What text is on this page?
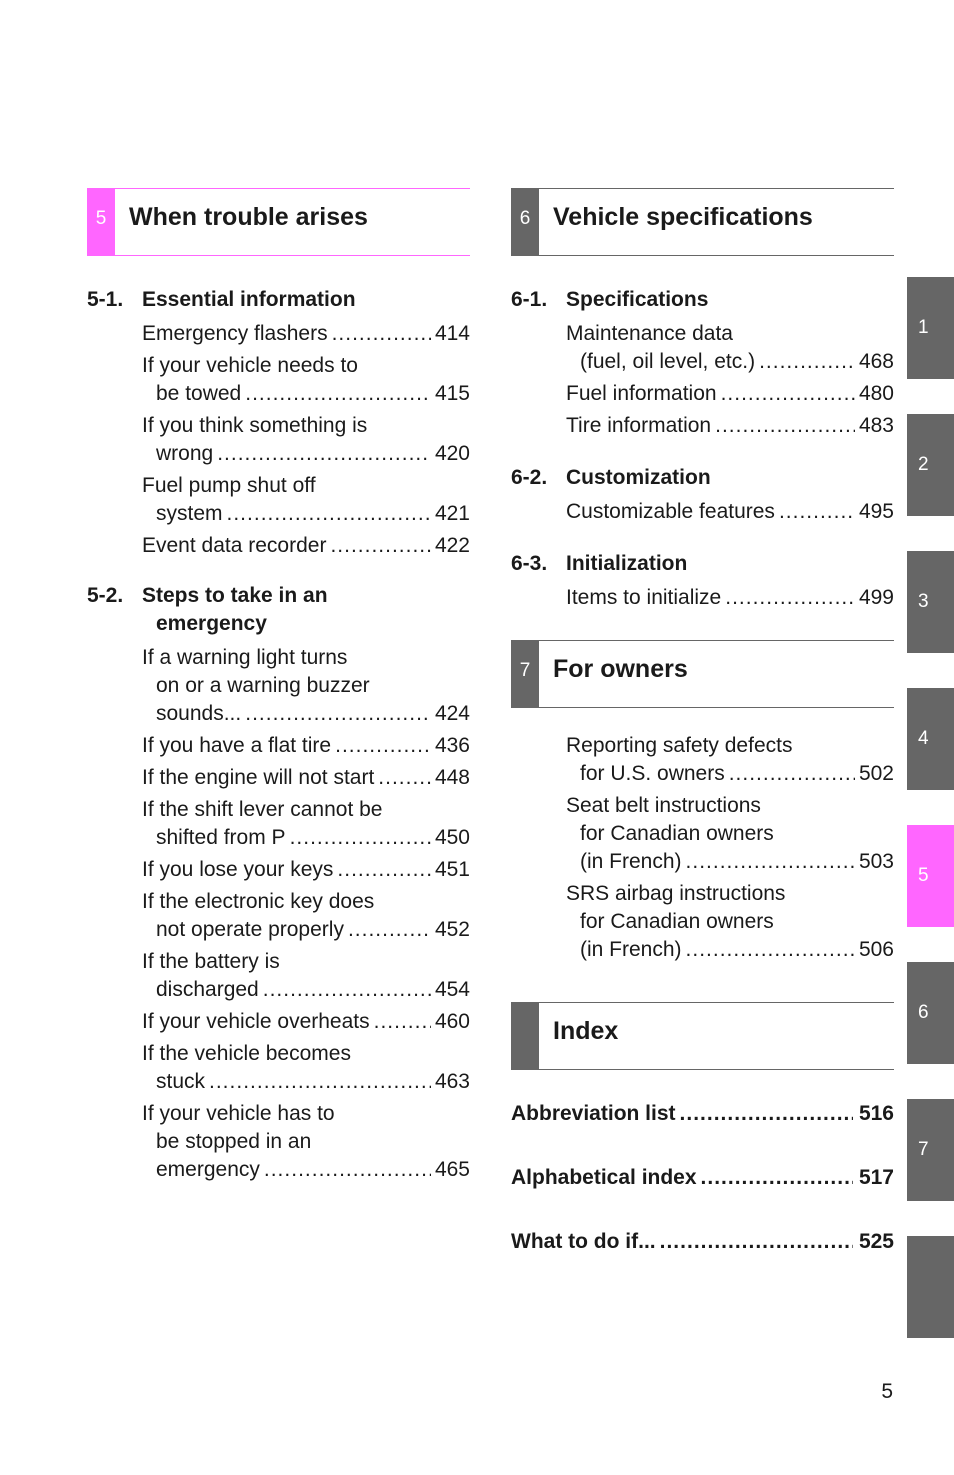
5 When trouble arises
5-1. Essential information
Emergency flashers .....	414
If your vehicle needs to
be towed .....	415
If you think something is
wrong .....	420
Fuel pump shut off
system .....	421
Event data recorder .....	422
5-2. Steps to take in an
emergency
If a warning light turns
on or a warning buzzer
sounds... .....	424
If you have a flat tire .....	436
If the engine will not start .....	448
If the shift lever cannot be
shifted from P .....	450
If you lose your keys .....	451
If the electronic key does
not operate properly .....	452
If the battery is
discharged .....	454
If your vehicle overheats .....	460
If the vehicle becomes
stuck .....	463
If your vehicle has to
be stopped in an
emergency .....	465
6 Vehicle specifications
6-1. Specifications
Maintenance data
(fuel, oil level, etc.) .....	468
Fuel information .....	480
Tire information .....	483
6-2. Customization
Customizable features .....	495
6-3. Initialization
Items to initialize .....	499
7 For owners
Reporting safety defects
for U.S. owners .....	502
Seat belt instructions
for Canadian owners
(in French) .....	503
SRS airbag instructions
for Canadian owners
(in French) .....	506
Index
Abbreviation list .....	516
Alphabetical index .....	517
What to do if... .....	525
1
2
3
4
5
6
7
5
